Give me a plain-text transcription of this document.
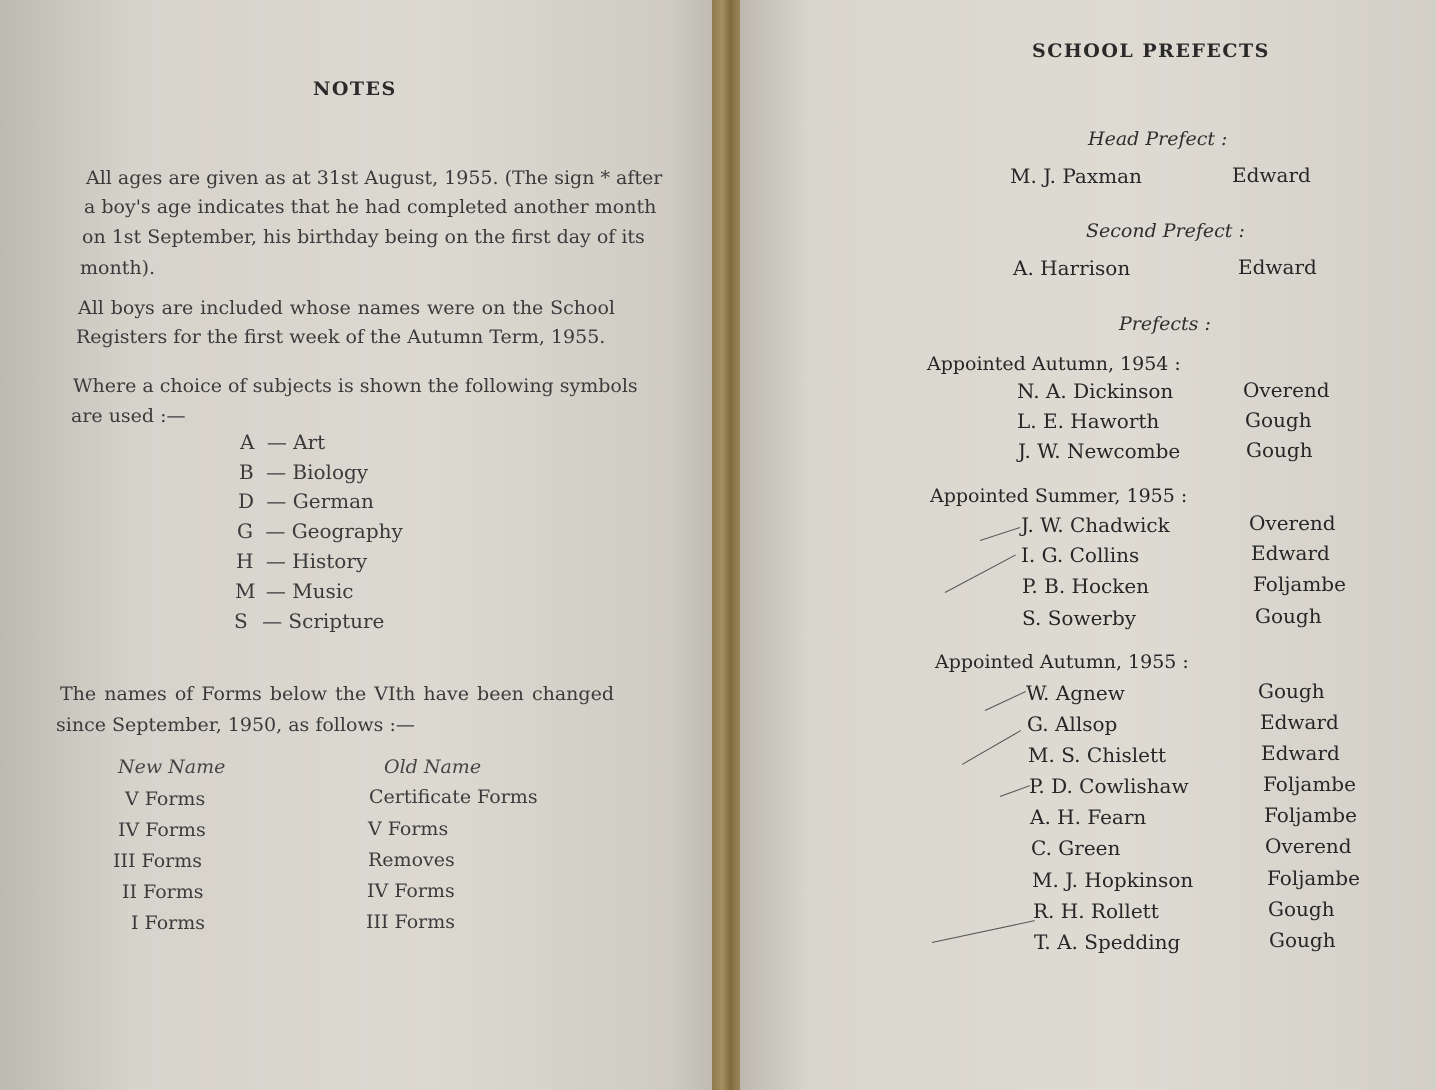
NOTES
All ages are given as at 31st August, 1955. (The sign * after
a boy's age indicates that he had completed another month
on 1st September, his birthday being on the first day of its
month).
All boys are included whose names were on the School
Registers for the first week of the Autumn Term, 1955.
Where a choice of subjects is shown the following symbols
are used :—
A — Art
B — Biology
D — German
G — Geography
H — History
M — Music
S — Scripture
The names of Forms below the VIth have been changed
since September, 1950, as follows :—
New Name	Old Name
V Forms	Certificate Forms
IV Forms	V Forms
III Forms	Removes
II Forms	IV Forms
I Forms	III Forms
SCHOOL PREFECTS
Head Prefect :
M. J. Paxman	Edward
Second Prefect :
A. Harrison	Edward
Prefects :
Appointed Autumn, 1954 :
N. A. Dickinson	Overend
L. E. Haworth	Gough
J. W. Newcombe	Gough
Appointed Summer, 1955 :
J. W. Chadwick	Overend
I. G. Collins	Edward
P. B. Hocken	Foljambe
S. Sowerby	Gough
Appointed Autumn, 1955 :
W. Agnew	Gough
G. Allsop	Edward
M. S. Chislett	Edward
P. D. Cowlishaw	Foljambe
A. H. Fearn	Foljambe
C. Green	Overend
M. J. Hopkinson	Foljambe
R. H. Rollett	Gough
T. A. Spedding	Gough
